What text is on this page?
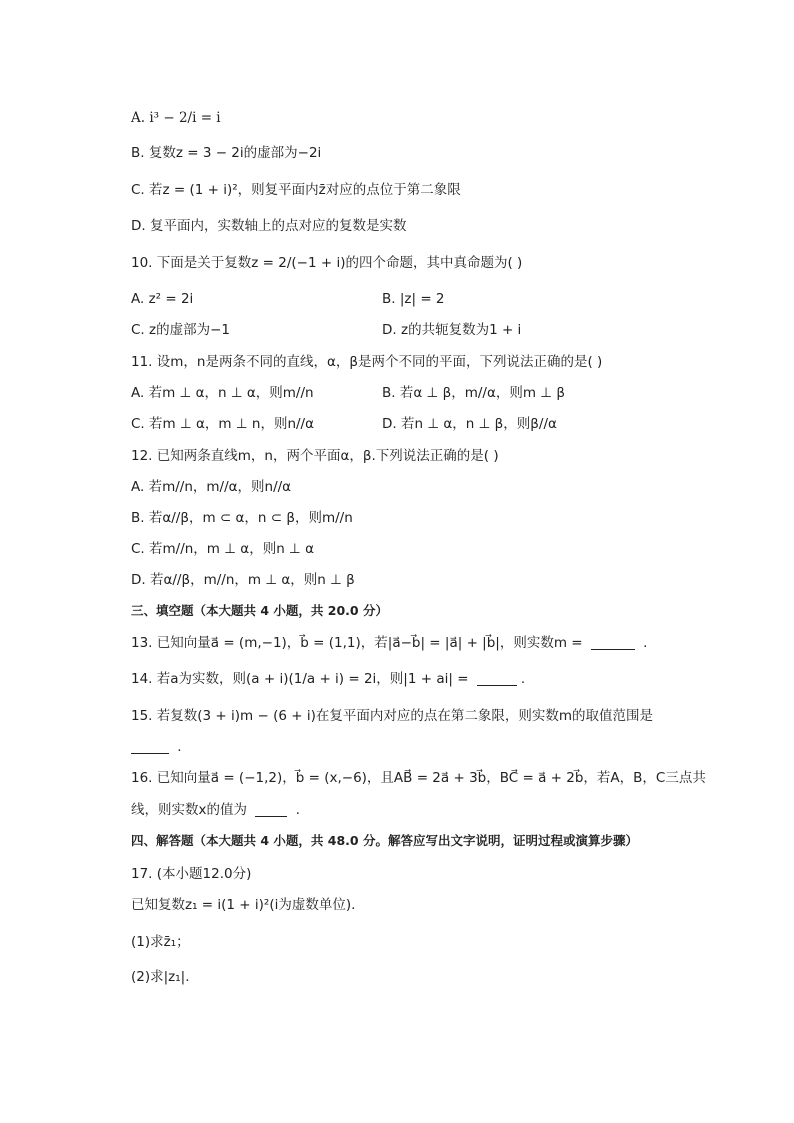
A. i³ − 2/i = i
B. 复数z = 3 − 2i的虚部为−2i
C. 若z = (1 + i)²，则复平面内z̄对应的点位于第二象限
D. 复平面内，实数轴上的点对应的复数是实数
10. 下面是关于复数z = 2/(−1 + i)的四个命题，其中真命题为( )
A. z² = 2i	B. |z| = 2
C. z的虚部为−1	D. z的共轭复数为1 + i
11. 设m，n是两条不同的直线，α，β是两个不同的平面，下列说法正确的是( )
A. 若m ⊥ α，n ⊥ α，则m//n	B. 若α ⊥ β，m//α，则m ⊥ β
C. 若m ⊥ α，m ⊥ n，则n//α	D. 若n ⊥ α，n ⊥ β，则β//α
12. 已知两条直线m，n，两个平面α，β.下列说法正确的是( )
A. 若m//n，m//α，则n//α
B. 若α//β，m ⊂ α，n ⊂ β，则m//n
C. 若m//n，m ⊥ α，则n ⊥ α
D. 若α//β，m//n，m ⊥ α，则n ⊥ β
三、填空题（本大题共 4 小题，共 20.0 分）
13. 已知向量a⃗ = (m,−1)，b⃗ = (1,1)，若|a⃗−b⃗| = |a⃗| + |b⃗|，则实数m =	.
14. 若a为实数，则(a + i)(1/a + i) = 2i，则|1 + ai| =	.
15. 若复数(3 + i)m − (6 + i)在复平面内对应的点在第二象限，则实数m的取值范围是
.
16. 已知向量a⃗ = (−1,2)，b⃗ = (x,−6)，且AB⃗ = 2a⃗ + 3b⃗，BC⃗ = a⃗ + 2b⃗，若A，B，C三点共
线，则实数x的值为	.
四、解答题（本大题共 4 小题，共 48.0 分。解答应写出文字说明，证明过程或演算步骤）
17. (本小题12.0分)
已知复数z₁ = i(1 + i)²(i为虚数单位).
(1)求z̄₁；
(2)求|z₁|.
